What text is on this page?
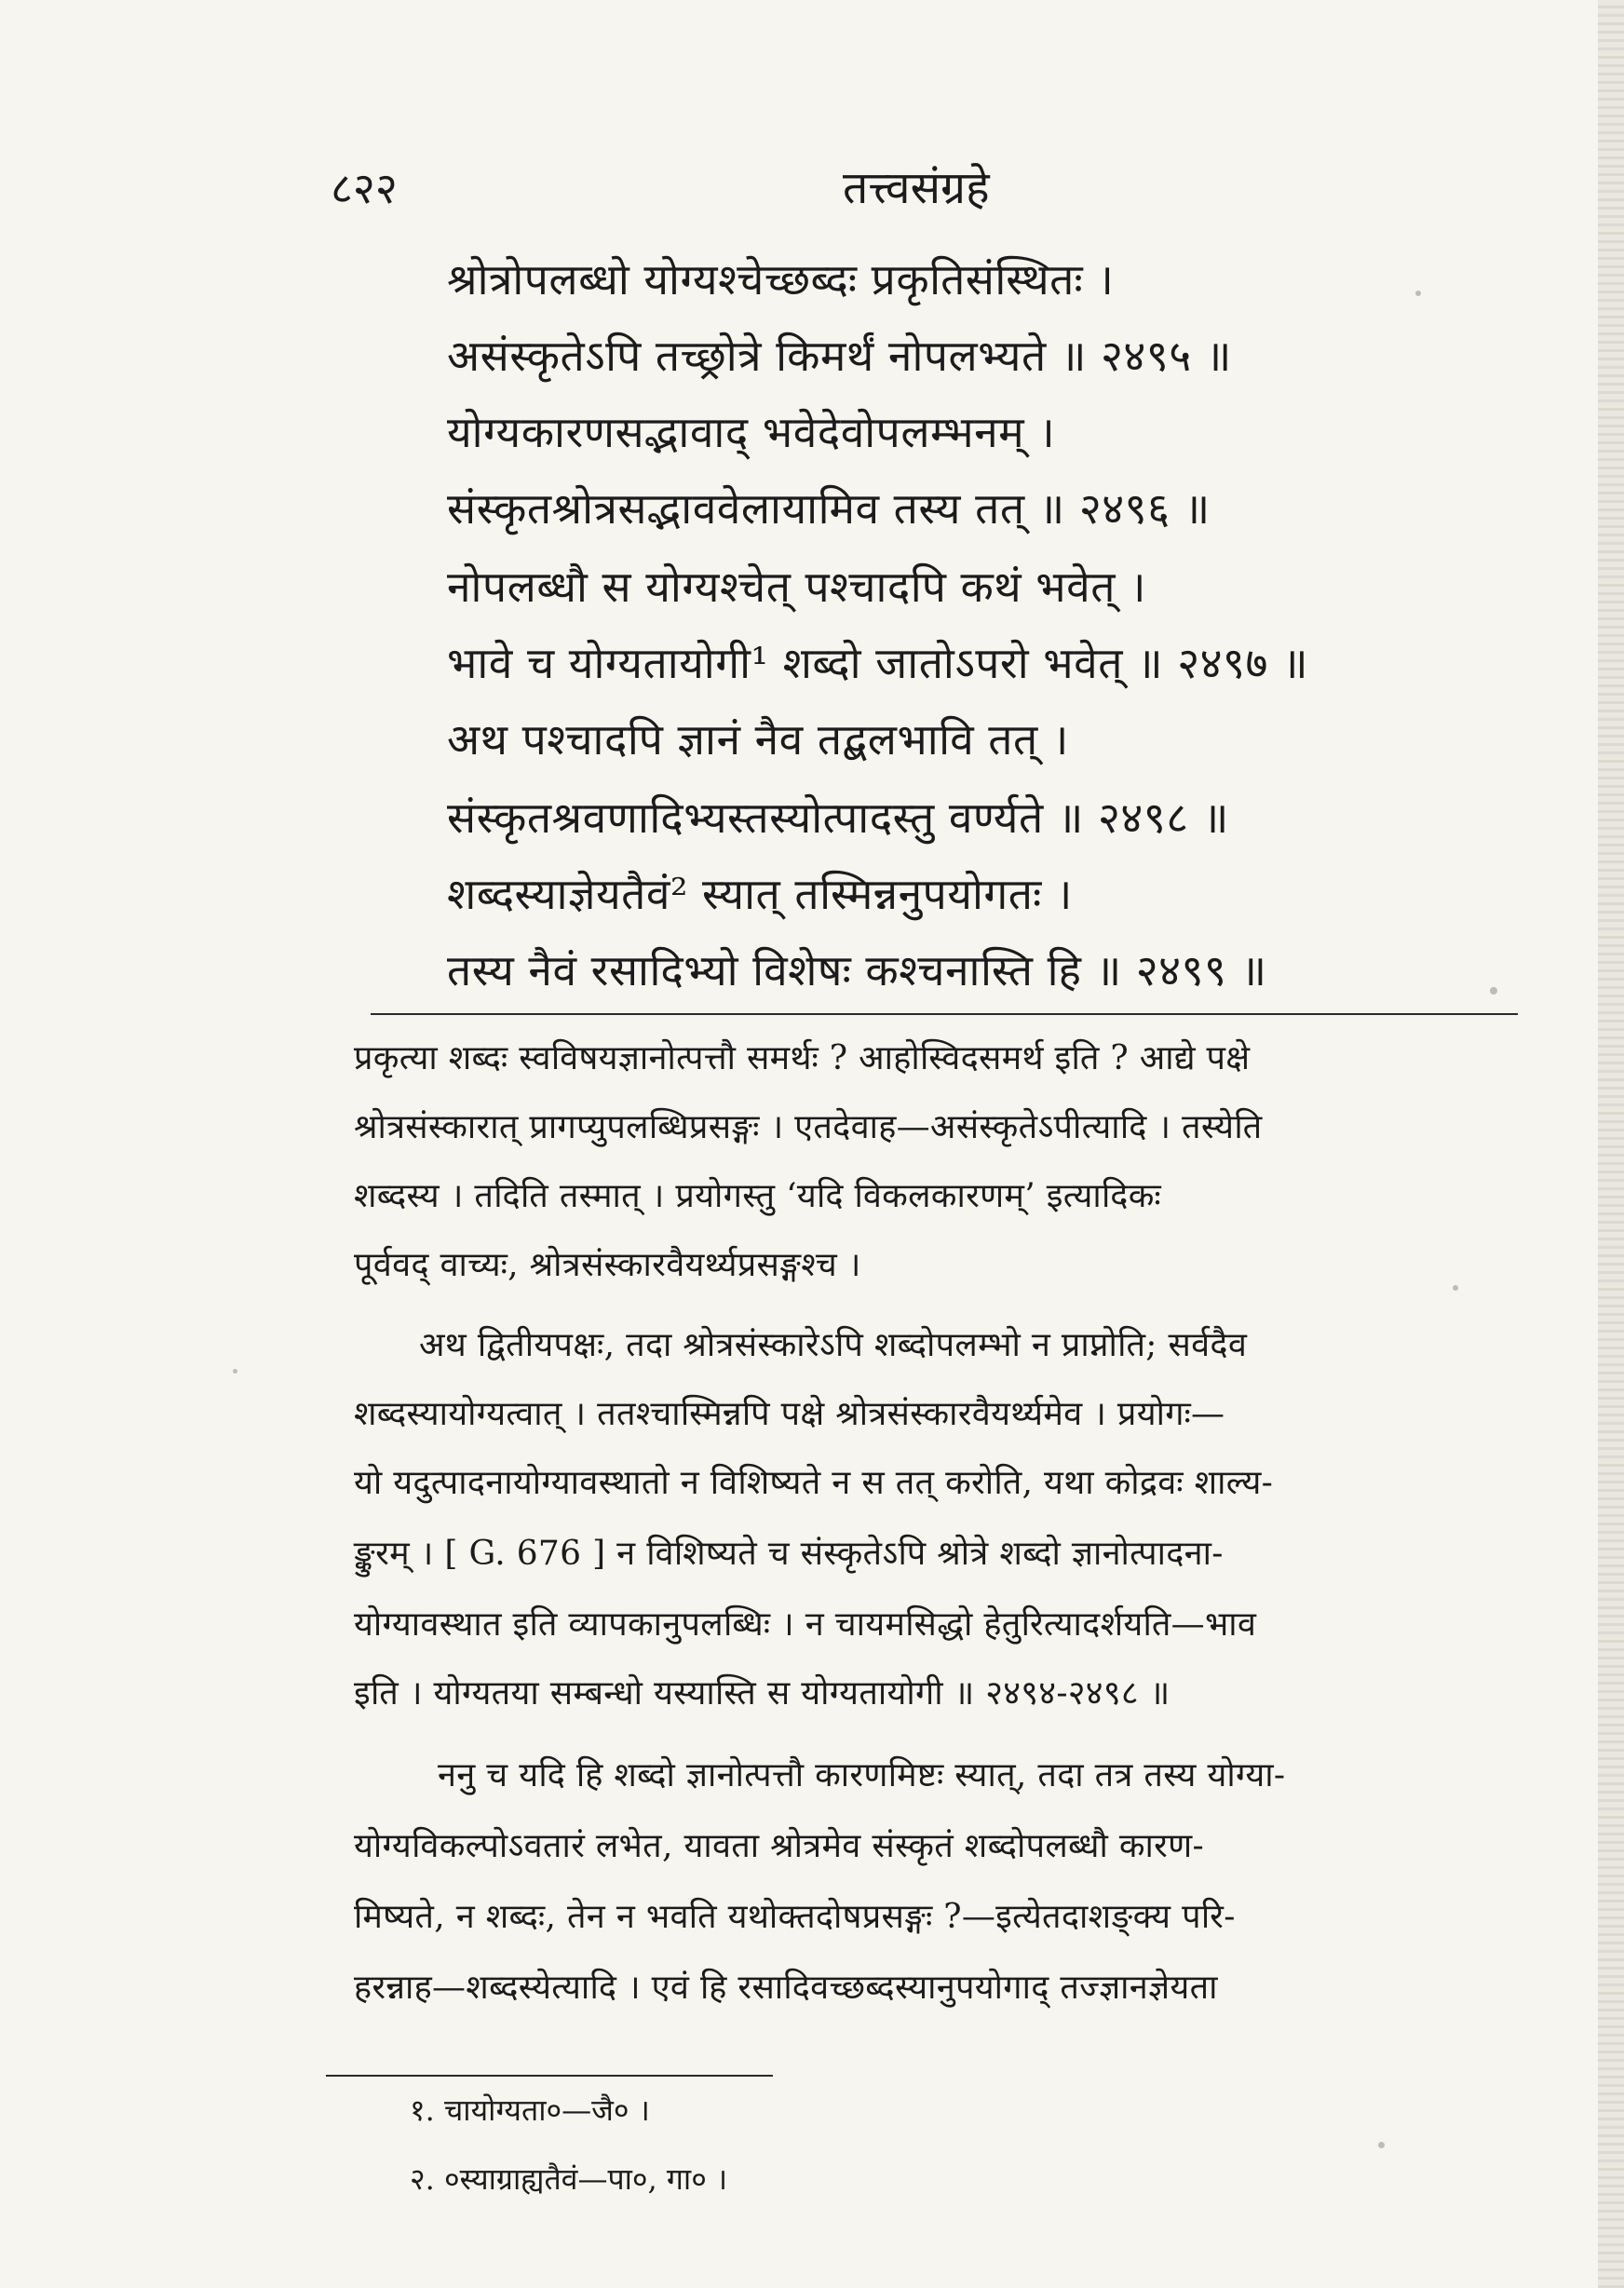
८२२	तत्त्वसंग्रहे
श्रोत्रोपलब्धो योग्यश्चेच्छब्दः प्रकृतिसंस्थितः ।
असंस्कृतेऽपि तच्छ्रोत्रे किमर्थं नोपलभ्यते ॥ २४९५ ॥
योग्यकारणसद्भावाद् भवेदेवोपलम्भनम् ।
संस्कृतश्रोत्रसद्भाववेलायामिव तस्य तत् ॥ २४९६ ॥
नोपलब्धौ स योग्यश्चेत् पश्चादपि कथं भवेत् ।
भावे च योग्यतायोगी¹ शब्दो जातोऽपरो भवेत् ॥ २४९७ ॥
अथ पश्चादपि ज्ञानं नैव तद्बलभावि तत् ।
संस्कृतश्रवणादिभ्यस्तस्योत्पादस्तु वर्ण्यते ॥ २४९८ ॥
शब्दस्याज्ञेयतैवं² स्यात् तस्मिन्ननुपयोगतः ।
तस्य नैवं रसादिभ्यो विशेषः कश्चनास्ति हि ॥ २४९९ ॥
प्रकृत्या शब्दः स्वविषयज्ञानोत्पत्तौ समर्थः ? आहोस्विदसमर्थ इति ? आद्ये पक्षे
श्रोत्रसंस्कारात् प्रागप्युपलब्धिप्रसङ्गः । एतदेवाह—असंस्कृतेऽपीत्यादि । तस्येति
शब्दस्य । तदिति तस्मात् । प्रयोगस्तु ‘यदि विकलकारणम्’ इत्यादिकः
पूर्ववद् वाच्यः, श्रोत्रसंस्कारवैयर्थ्यप्रसङ्गश्च ।
अथ द्वितीयपक्षः, तदा श्रोत्रसंस्कारेऽपि शब्दोपलम्भो न प्राप्नोति; सर्वदैव
शब्दस्यायोग्यत्वात् । ततश्चास्मिन्नपि पक्षे श्रोत्रसंस्कारवैयर्थ्यमेव । प्रयोगः—
यो यदुत्पादनायोग्यावस्थातो न विशिष्यते न स तत् करोति, यथा कोद्रवः शाल्य-
ङ्कुरम् । [ G. 676 ] न विशिष्यते च संस्कृतेऽपि श्रोत्रे शब्दो ज्ञानोत्पादना-
योग्यावस्थात इति व्यापकानुपलब्धिः । न चायमसिद्धो हेतुरित्यादर्शयति—भाव
इति । योग्यतया सम्बन्धो यस्यास्ति स योग्यतायोगी ॥ २४९४-२४९८ ॥
ननु च यदि हि शब्दो ज्ञानोत्पत्तौ कारणमिष्टः स्यात्, तदा तत्र तस्य योग्या-
योग्यविकल्पोऽवतारं लभेत, यावता श्रोत्रमेव संस्कृतं शब्दोपलब्धौ कारण-
मिष्यते, न शब्दः, तेन न भवति यथोक्तदोषप्रसङ्गः ?—इत्येतदाशङ्क्य परि-
हरन्नाह—शब्दस्येत्यादि । एवं हि रसादिवच्छब्दस्यानुपयोगाद् तज्ज्ञानज्ञेयता
१. चायोग्यता०—जै० ।
२. ०स्याग्राह्यतैवं—पा०, गा० ।
